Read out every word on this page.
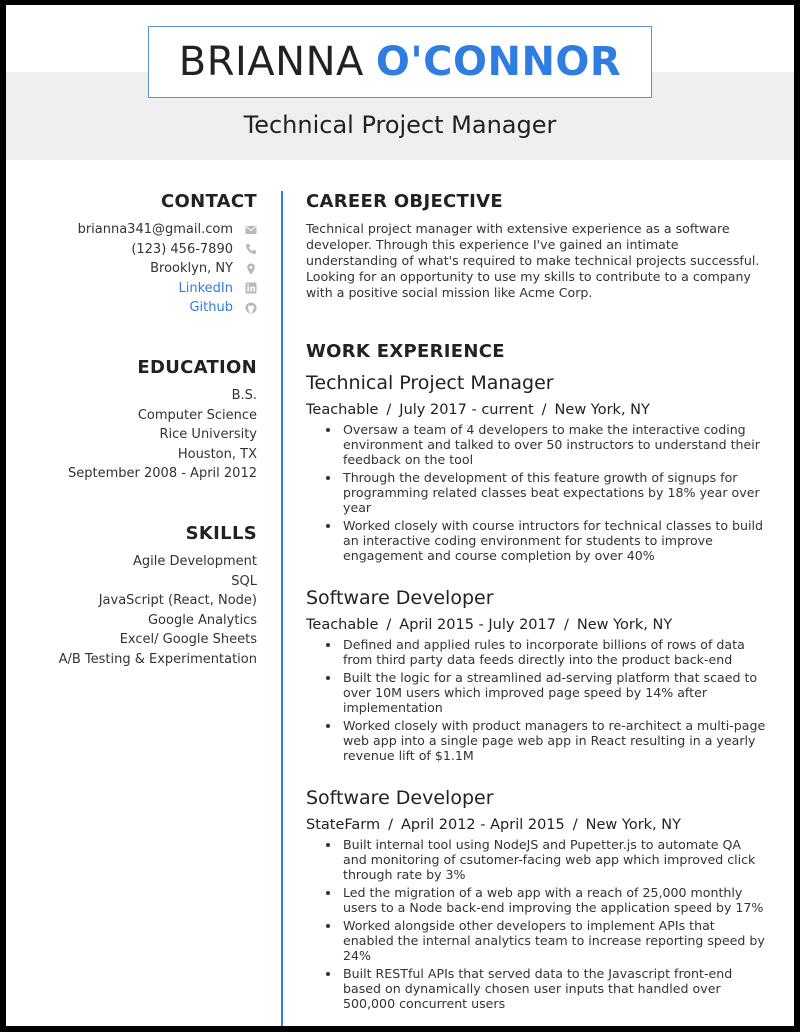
BRIANNA O'CONNOR
Technical Project Manager
CONTACT
brianna341@gmail.com
(123) 456-7890
Brooklyn, NY
LinkedIn
Github
EDUCATION
B.S.
Computer Science
Rice University
Houston, TX
September 2008 - April 2012
SKILLS
Agile Development
SQL
JavaScript (React, Node)
Google Analytics
Excel/ Google Sheets
A/B Testing & Experimentation
CAREER OBJECTIVE

Technical project manager with extensive experience as a software developer. Through this experience I've gained an intimate understanding of what's required to make technical projects successful. Looking for an opportunity to use my skills to contribute to a company with a positive social mission like Acme Corp.

WORK EXPERIENCE
Technical Project Manager
Teachable / July 2017 - current / New York, NY
• Oversaw a team of 4 developers to make the interactive coding environment and talked to over 50 instructors to understand their feedback on the tool
• Through the development of this feature growth of signups for programming related classes beat expectations by 18% year over year
• Worked closely with course intructors for technical classes to build an interactive coding environment for students to improve engagement and course completion by over 40%
Software Developer
Teachable / April 2015 - July 2017 / New York, NY
• Defined and applied rules to incorporate billions of rows of data from third party data feeds directly into the product back-end
• Built the logic for a streamlined ad-serving platform that scaed to over 10M users which improved page speed by 14% after implementation
• Worked closely with product managers to re-architect a multi-page web app into a single page web app in React resulting in a yearly revenue lift of $1.1M
Software Developer
StateFarm / April 2012 - April 2015 / New York, NY
• Built internal tool using NodeJS and Pupetter.js to automate QA and monitoring of csutomer-facing web app which improved click through rate by 3%
• Led the migration of a web app with a reach of 25,000 monthly users to a Node back-end improving the application speed by 17%
• Worked alongside other developers to implement APIs that enabled the internal analytics team to increase reporting speed by 24%
• Built RESTful APIs that served data to the Javascript front-end based on dynamically chosen user inputs that handled over 500,000 concurrent users
